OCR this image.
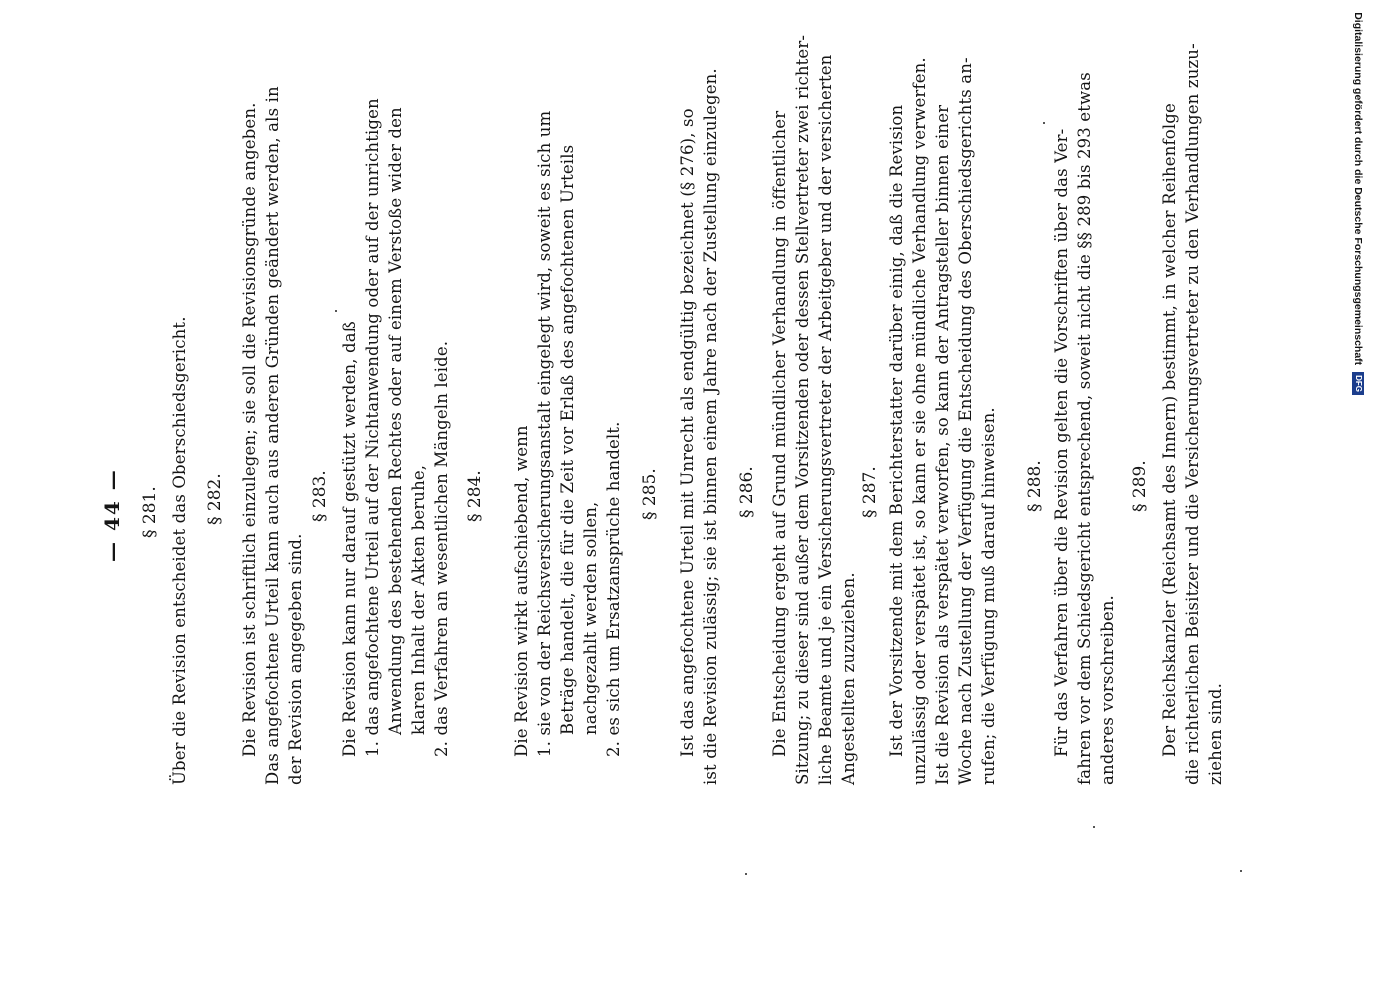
— 44 — § 281. Über die Revision entscheidet das Oberschiedsgericht. § 282. Die Revision ist schriftlich einzulegen; sie soll die Revisionsgründe angeben. Das angefochtene Urteil kann auch aus anderen Gründen geändert werden, als in der Revision angegeben sind.
§ 283. Die Revision kann nur darauf gestützt werden, daß 1. das angefochtene Urteil auf der Nichtanwendung oder auf der unrichtigen Anwendung des bestehenden Rechtes oder auf einem Verstoße wider den klaren Inhalt der Akten beruhe, 2. das Verfahren an wesentlichen Mängeln leide. § 284. Die Revision wirkt aufschiebend, wenn 1. sie von der Reichsversicherungsanstalt eingelegt wird, soweit es sich um Beträge handelt, die für die Zeit vor Erlaß des angefochtenen Urteils nachgezahlt werden sollen, 2. es sich um Ersatzansprüche handelt. § 285. Ist das angefochtene Urteil mit Unrecht als endgültig bezeichnet (§ 276), so ist die Revision zulässig; sie ist binnen einem Jahre nach der Zustellung einzulegen. § 286. Die Entscheidung ergeht auf Grund mündlicher Verhandlung in öffentlicher Sitzung; zu dieser sind außer dem Vorsitzenden oder dessen Stellvertreter zwei richter- liche Beamte und je ein Versicherungsvertreter der Arbeitgeber und der versicherten Angestellten zuzuziehen.
§ 287. Ist der Vorsitzende mit dem Berichterstatter darüber einig, daß die Revision unzulässig oder verspätet ist, so kann er sie ohne mündliche Verhandlung verwerfen. Ist die Revision als verspätet verworfen, so kann der Antragsteller binnen einer Woche nach Zustellung der Verfügung die Entscheidung des Oberschiedsgerichts an- rufen; die Verfügung muß darauf hinweisen. § 288. Für das Verfahren über die Revision gelten die Vorschriften über das Ver- fahren vor dem Schiedsgericht entsprechend, soweit nicht die §§ 289 bis 293 etwas anderes vorschreiben.
§ 289. Der Reichskanzler (Reichsamt des Innern) bestimmt, in welcher Reihenfolge die richterlichen Beisitzer und die Versicherungsvertreter zu den Verhandlungen zuzu- ziehen sind.
Digitalisierung gefördert durch die Deutsche Forschungsgemeinschaft DFG
